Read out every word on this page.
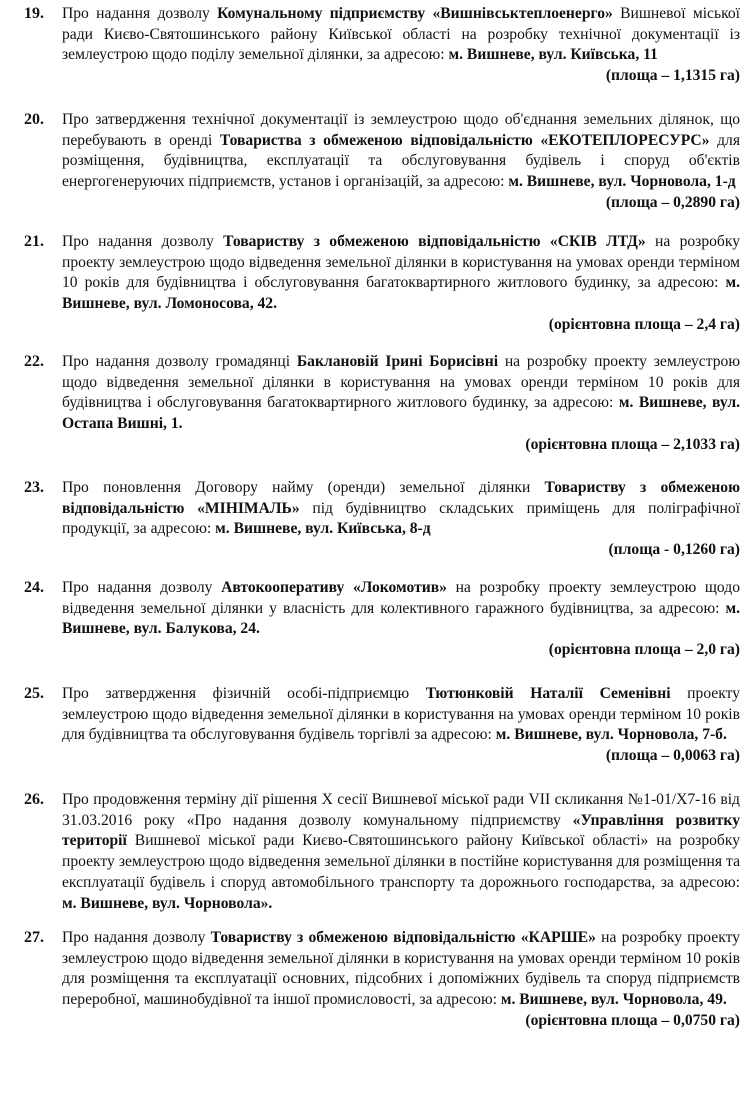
19. Про надання дозволу Комунальному підприємству «Вишнівськтеплоенерго» Вишневої міської ради Києво-Святошинського району Київської області на розробку технічної документації із землеустрою щодо поділу земельної ділянки, за адресою: м. Вишневе, вул. Київська, 11
(площа – 1,1315 га)
20. Про затвердження технічної документації із землеустрою щодо об'єднання земельних ділянок, що перебувають в оренді Товариства з обмеженою відповідальністю «ЕКОТЕПЛОРЕСУРС» для розміщення, будівництва, експлуатації та обслуговування будівель і споруд об'єктів енергогенеруючих підприємств, установ і організацій, за адресою: м. Вишневе, вул. Чорновола, 1-д
(площа – 0,2890 га)
21. Про надання дозволу Товариству з обмеженою відповідальністю «СКІВ ЛТД» на розробку проекту землеустрою щодо відведення земельної ділянки в користування на умовах оренди терміном 10 років для будівництва і обслуговування багатоквартирного житлового будинку, за адресою: м. Вишневе, вул. Ломоносова, 42.
(орієнтовна площа – 2,4 га)
22. Про надання дозволу громадянці Баклановій Ірині Борисівні на розробку проекту землеустрою щодо відведення земельної ділянки в користування на умовах оренди терміном 10 років для будівництва і обслуговування багатоквартирного житлового будинку, за адресою: м. Вишневе, вул. Остапа Вишні, 1.
(орієнтовна площа – 2,1033 га)
23. Про поновлення Договору найму (оренди) земельної ділянки Товариству з обмеженою відповідальністю «МІНІМАЛЬ» під будівництво складських приміщень для поліграфічної продукції, за адресою: м. Вишневе, вул. Київська, 8-д
(площа - 0,1260 га)
24. Про надання дозволу Автокооперативу «Локомотив» на розробку проекту землеустрою щодо відведення земельної ділянки у власність для колективного гаражного будівництва, за адресою: м. Вишневе, вул. Балукова, 24.
(орієнтовна площа – 2,0 га)
25. Про затвердження фізичній особі-підприємцю Тютюнковій Наталії Семенівні проекту землеустрою щодо відведення земельної ділянки в користування на умовах оренди терміном 10 років для будівництва та обслуговування будівель торгівлі за адресою: м. Вишневе, вул. Чорновола, 7-б.
(площа – 0,0063 га)
26. Про продовження терміну дії рішення X сесії Вишневої міської ради VII скликання №1-01/X7-16 від 31.03.2016 року «Про надання дозволу комунальному підприємству «Управління розвитку території Вишневої міської ради Києво-Святошинського району Київської області» на розробку проекту землеустрою щодо відведення земельної ділянки в постійне користування для розміщення та експлуатації будівель і споруд автомобільного транспорту та дорожнього господарства, за адресою: м. Вишневе, вул. Чорновола».
27. Про надання дозволу Товариству з обмеженою відповідальністю «КАРШЕ» на розробку проекту землеустрою щодо відведення земельної ділянки в користування на умовах оренди терміном 10 років для розміщення та експлуатації основних, підсобних і допоміжних будівель та споруд підприємств переробної, машинобудівної та іншої промисловості, за адресою: м. Вишневе, вул. Чорновола, 49.
(орієнтовна площа – 0,0750 га)
